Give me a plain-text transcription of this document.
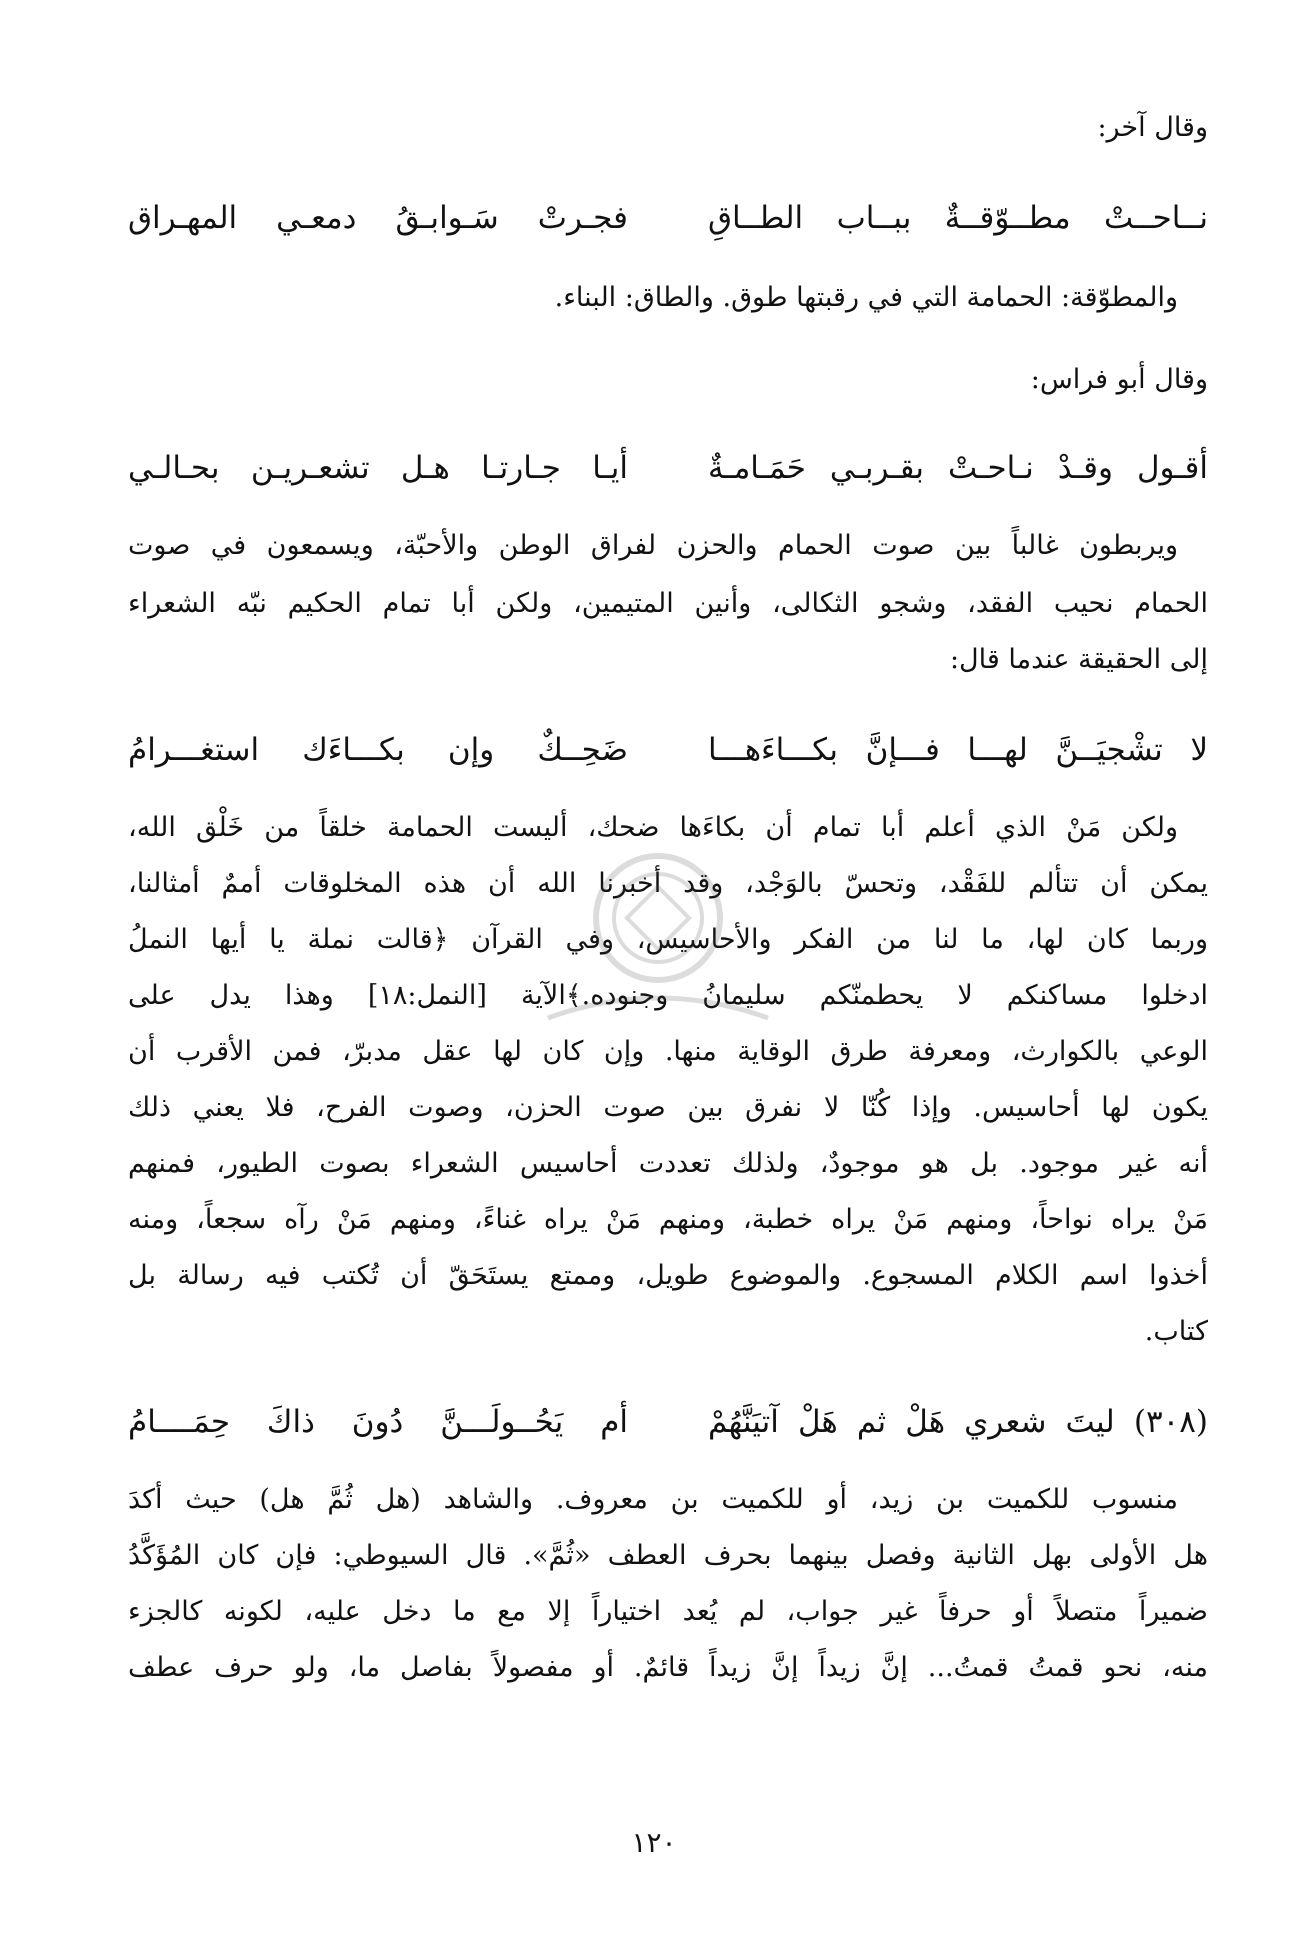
وقال آخر:
نــاحــتْ مطــوّقــةٌ ببــاب الطــاقِ
فجـرتْ سَـوابـقُ دمعـي المهـراق
والمطوّقة: الحمامة التي في رقبتها طوق. والطاق: البناء.
وقال أبو فراس:
أقـول وقـدْ نـاحـتْ بقـربـي حَمَـامـةٌ
أيـا جـارتـا هـل تشعـريـن بحـالـي
ويربطون غالباً بين صوت الحمام والحزن لفراق الوطن والأحبّة، ويسمعون في صوت
الحمام نحيب الفقد، وشجو الثكالى، وأنين المتيمين، ولكن أبا تمام الحكيم نبّه الشعراء
إلى الحقيقة عندما قال:
لا تشْجيَــنَّ لهـــا فـــإنَّ بكـــاءَهـــا
ضَحِــكٌ وإن بكـــاءَك استغـــرامُ
ولكن مَنْ الذي أعلم أبا تمام أن بكاءَها ضحك، أليست الحمامة خلقاً من خَلْق الله،
يمكن أن تتألم للفَقْد، وتحسّ بالوَجْد، وقد أخبرنا الله أن هذه المخلوقات أممٌ أمثالنا،
وربما كان لها، ما لنا من الفكر والأحاسيس، وفي القرآن ﴿قالت نملة يا أيها النملُ
ادخلوا مساكنكم لا يحطمنّكم سليمانُ وجنوده.﴾الآية [النمل:١٨] وهذا يدل على
الوعي بالكوارث، ومعرفة طرق الوقاية منها. وإن كان لها عقل مدبرّ، فمن الأقرب أن
يكون لها أحاسيس. وإذا كُنّا لا نفرق بين صوت الحزن، وصوت الفرح، فلا يعني ذلك
أنه غير موجود. بل هو موجودٌ، ولذلك تعددت أحاسيس الشعراء بصوت الطيور، فمنهم
مَنْ يراه نواحاً، ومنهم مَنْ يراه خطبة، ومنهم مَنْ يراه غناءً، ومنهم مَنْ رآه سجعاً، ومنه
أخذوا اسم الكلام المسجوع. والموضوع طويل، وممتع يستَحَقّ أن تُكتب فيه رسالة بل
كتاب.
(٣٠٨) ليتَ شعري هَلْ ثم هَلْ آتيَنَّهُمْ
أم يَحُــولَـــنَّ دُونَ ذاكَ حِمَــــامُ
منسوب للكميت بن زيد، أو للكميت بن معروف. والشاهد (هل ثُمَّ هل) حيث أكدَ
هل الأولى بهل الثانية وفصل بينهما بحرف العطف «ثُمَّ». قال السيوطي: فإن كان المُؤَكَّدُ
ضميراً متصلاً أو حرفاً غير جواب، لم يُعد اختياراً إلا مع ما دخل عليه، لكونه كالجزء
منه، نحو قمتُ قمتُ... إنَّ زيداً إنَّ زيداً قائمٌ. أو مفصولاً بفاصل ما، ولو حرف عطف
١٢٠
